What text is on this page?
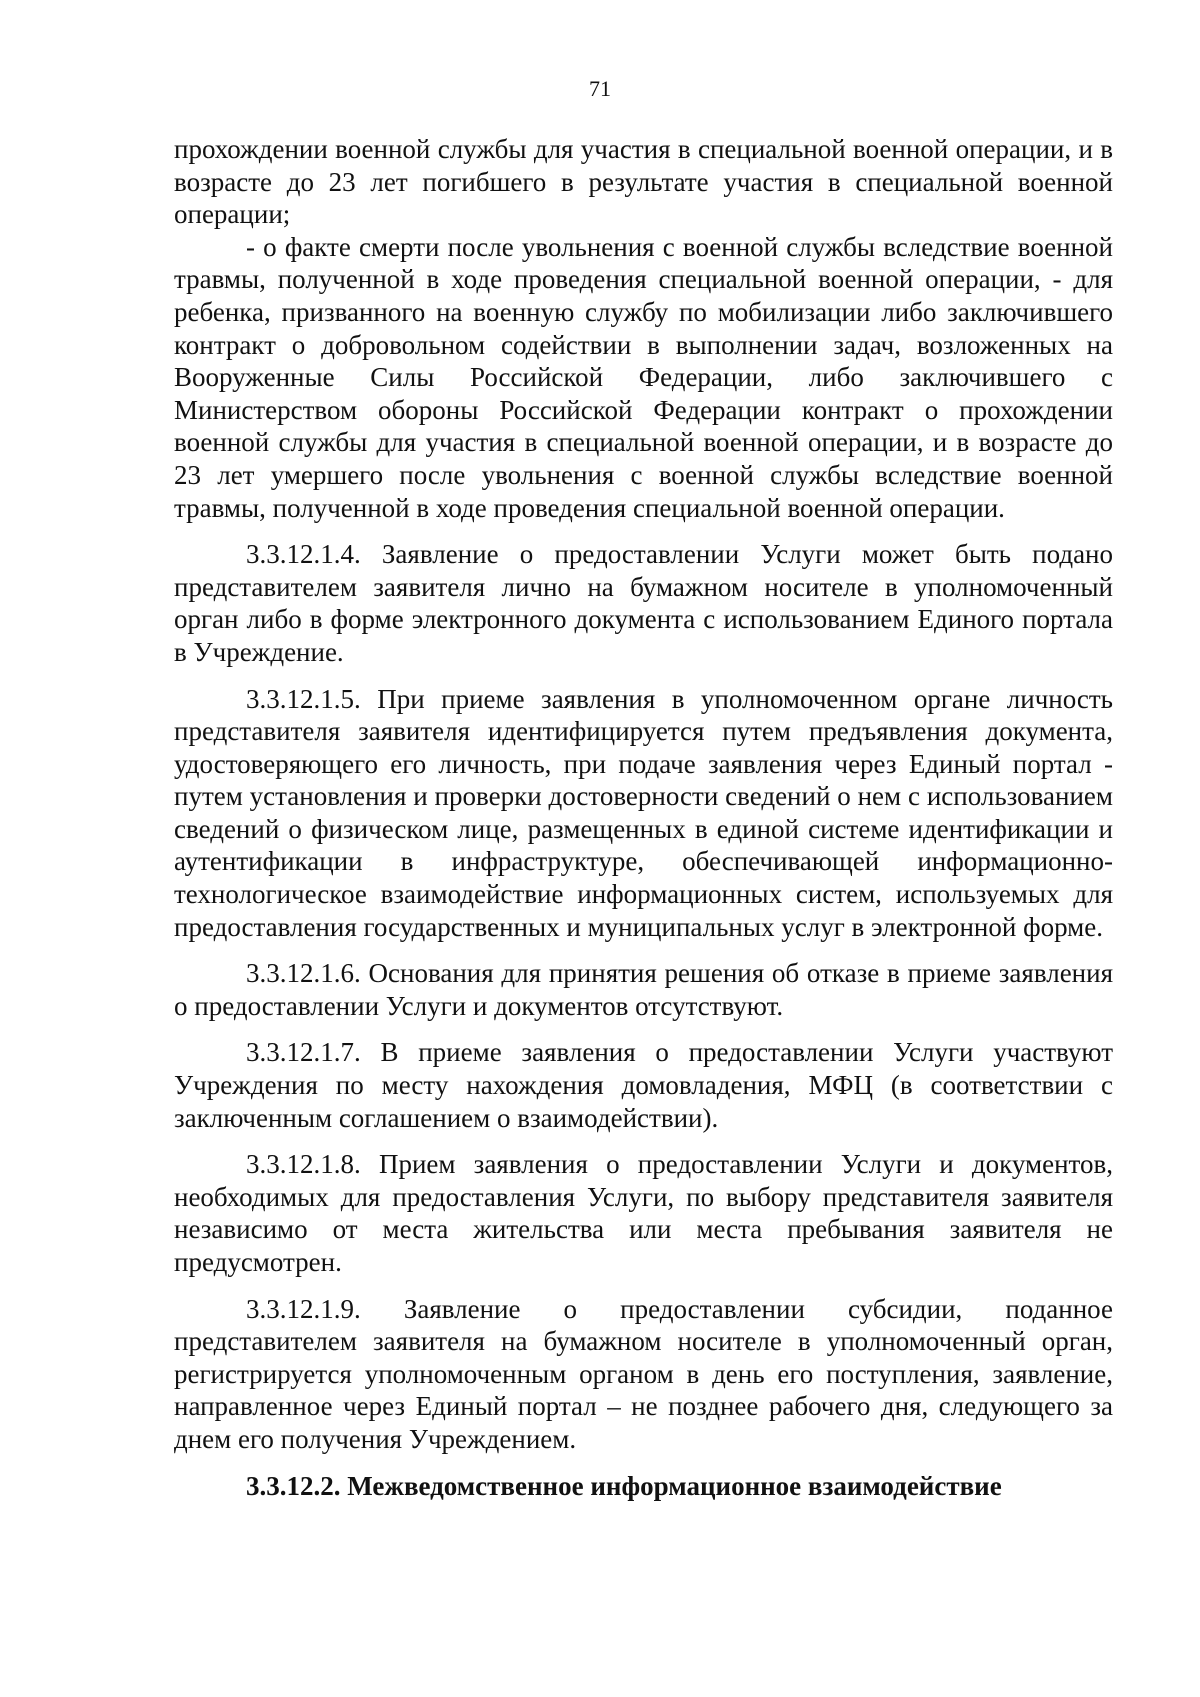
71

прохождении военной службы для участия в специальной военной операции, и в возрасте до 23 лет погибшего в результате участия в специальной военной операции;

- о факте смерти после увольнения с военной службы вследствие военной травмы, полученной в ходе проведения специальной военной операции, - для ребенка, призванного на военную службу по мобилизации либо заключившего контракт о добровольном содействии в выполнении задач, возложенных на Вооруженные Силы Российской Федерации, либо заключившего с Министерством обороны Российской Федерации контракт о прохождении военной службы для участия в специальной военной операции, и в возрасте до 23 лет умершего после увольнения с военной службы вследствие военной травмы, полученной в ходе проведения специальной военной операции.

3.3.12.1.4. Заявление о предоставлении Услуги может быть подано представителем заявителя лично на бумажном носителе в уполномоченный орган либо в форме электронного документа с использованием Единого портала в Учреждение.

3.3.12.1.5. При приеме заявления в уполномоченном органе личность представителя заявителя идентифицируется путем предъявления документа, удостоверяющего его личность, при подаче заявления через Единый портал - путем установления и проверки достоверности сведений о нем с использованием сведений о физическом лице, размещенных в единой системе идентификации и аутентификации в инфраструктуре, обеспечивающей информационно-технологическое взаимодействие информационных систем, используемых для предоставления государственных и муниципальных услуг в электронной форме.

3.3.12.1.6. Основания для принятия решения об отказе в приеме заявления о предоставлении Услуги и документов отсутствуют.

3.3.12.1.7. В приеме заявления о предоставлении Услуги участвуют Учреждения по месту нахождения домовладения, МФЦ (в соответствии с заключенным соглашением о взаимодействии).

3.3.12.1.8. Прием заявления о предоставлении Услуги и документов, необходимых для предоставления Услуги, по выбору представителя заявителя независимо от места жительства или места пребывания заявителя не предусмотрен.

3.3.12.1.9. Заявление о предоставлении субсидии, поданное представителем заявителя на бумажном носителе в уполномоченный орган, регистрируется уполномоченным органом в день его поступления, заявление, направленное через Единый портал – не позднее рабочего дня, следующего за днем его получения Учреждением.

3.3.12.2. Межведомственное информационное взаимодействие
